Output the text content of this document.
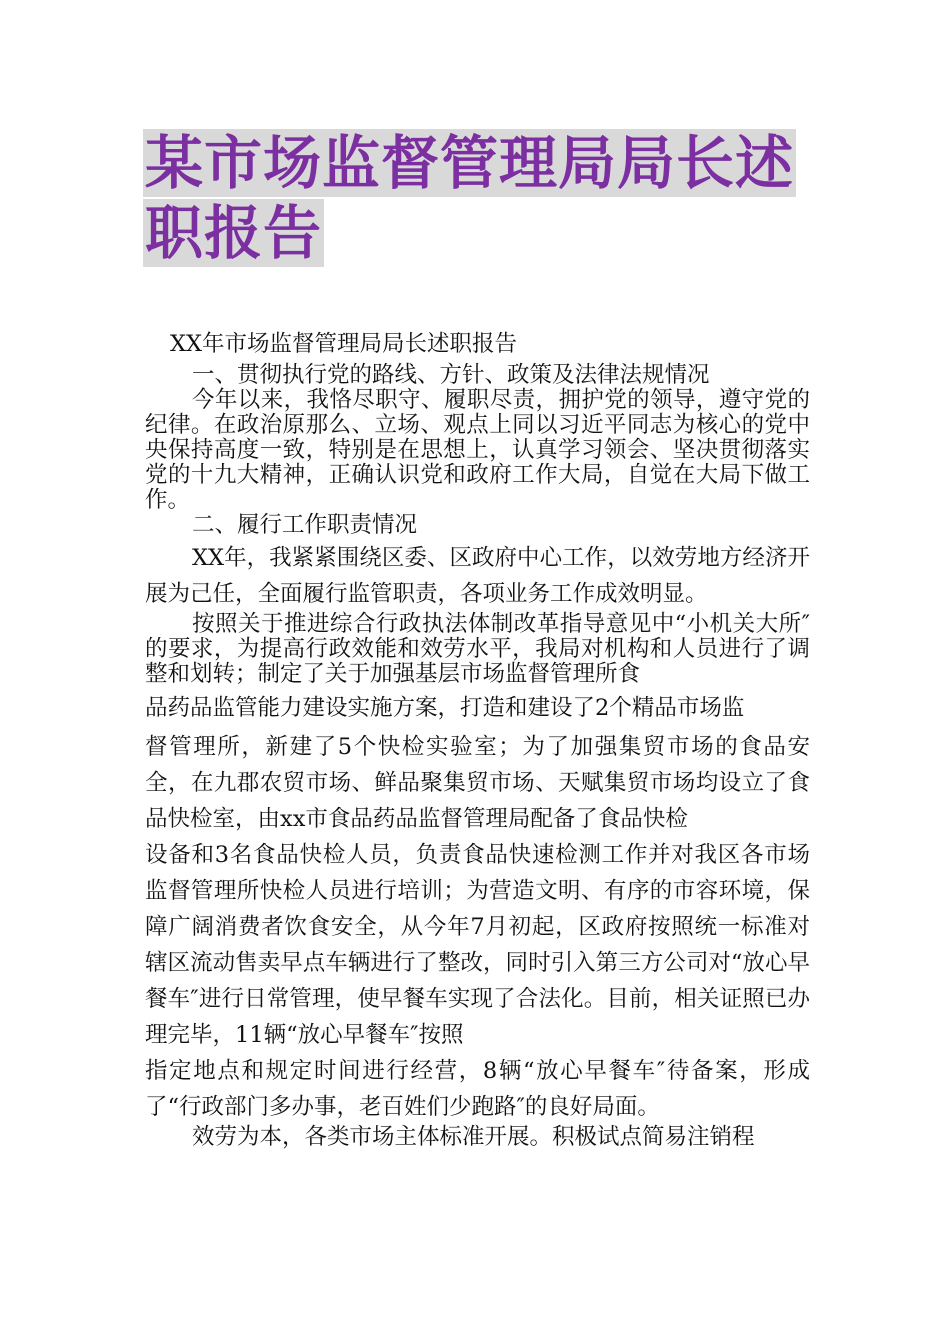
某市场监督管理局局长述
职报告

XX年市场监督管理局局长述职报告

一、贯彻执行党的路线、方针、政策及法律法规情况

今年以来，我恪尽职守、履职尽责，拥护党的领导，遵守党的纪律。在政治原那么、立场、观点上同以习近平同志为核心的党中央保持高度一致，特别是在思想上，认真学习领会、坚决贯彻落实党的十九大精神，正确认识党和政府工作大局，自觉在大局下做工作。

二、履行工作职责情况

XX年，我紧紧围绕区委、区政府中心工作，以效劳地方经济开展为己任，全面履行监管职责，各项业务工作成效明显。

按照关于推进综合行政执法体制改革指导意见中“小机关大所″的要求，为提高行政效能和效劳水平，我局对机构和人员进行了调整和划转；制定了关于加强基层市场监督管理所食

品药品监管能力建设实施方案，打造和建设了2个精品市场监

督管理所，新建了5个快检实验室；为了加强集贸市场的食品安全，在九郡农贸市场、鲜品聚集贸市场、天赋集贸市场均设立了食品快检室，由xx市食品药品监督管理局配备了食品快检

设备和3名食品快检人员，负责食品快速检测工作并对我区各市场监督管理所快检人员进行培训；为营造文明、有序的市容环境，保障广阔消费者饮食安全，从今年7月初起，区政府按照统一标准对辖区流动售卖早点车辆进行了整改，同时引入第三方公司对“放心早餐车″进行日常管理，使早餐车实现了合法化。目前，相关证照已办理完毕，11辆“放心早餐车″按照

指定地点和规定时间进行经营，8辆“放心早餐车″待备案，形成了“行政部门多办事，老百姓们少跑路″的良好局面。

效劳为本，各类市场主体标准开展。积极试点简易注销程
